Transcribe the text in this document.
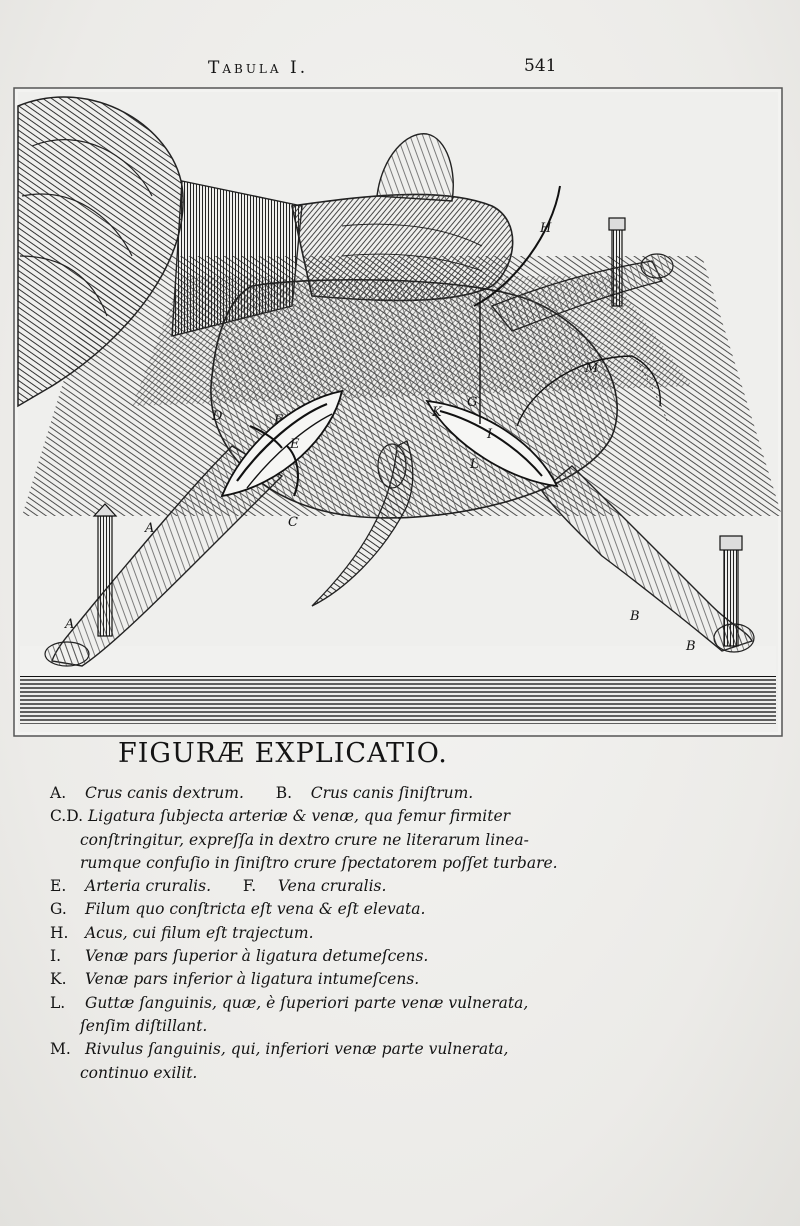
Tabula I.	541
A
A
B
B
C
D
E
F
G
H
I
K
L
M
FIGURÆ EXPLICATIO.
A. Crus canis dextrum. B. Crus canis ſiniſtrum.
C.D. Ligatura ſubjecta arteriæ & venæ, qua femur firmiter
conſtringitur, expreſſa in dextro crure ne literarum linea-
rumque confuſio in ſiniſtro crure ſpectatorem poſſet turbare.
E. Arteria cruralis. F. Vena cruralis.
G. Filum quo conſtricta eſt vena & eſt elevata.
H. Acus, cui filum eſt trajectum.
I. Venæ pars ſuperior à ligatura detumeſcens.
K. Venæ pars inferior à ligatura intumeſcens.
L. Guttæ ſanguinis, quæ, è ſuperiori parte venæ vulnerata,
ſenſim diſtillant.
M. Rivulus ſanguinis, qui, inferiori venæ parte vulnerata,
continuo exilit.
